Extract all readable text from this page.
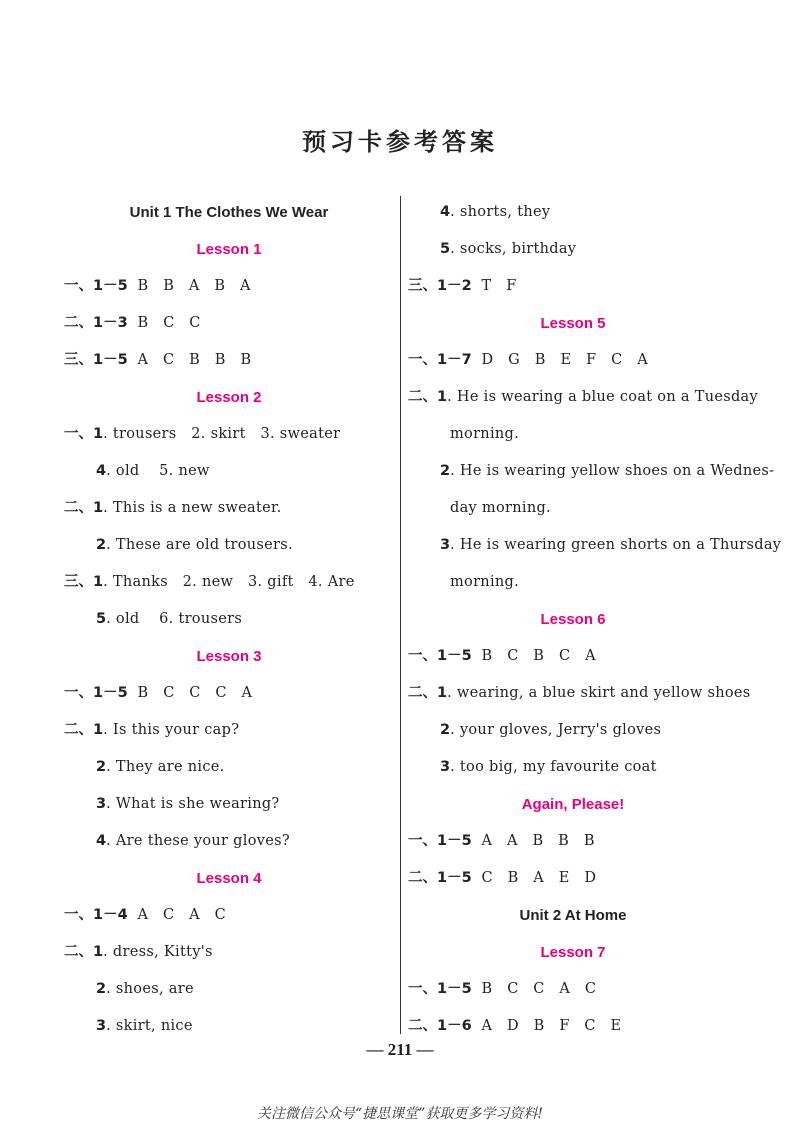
预习卡参考答案
Unit 1 The Clothes We Wear
Lesson 1
一、1－5  B   B   A   B   A
二、1－3  B   C   C
三、1－5  A   C   B   B   B
Lesson 2
一、1. trousers   2. skirt   3. sweater
4. old    5. new
二、1. This is a new sweater.
2. These are old trousers.
三、1. Thanks   2. new   3. gift   4. Are
5. old    6. trousers
Lesson 3
一、1－5  B   C   C   C   A
二、1. Is this your cap?
2. They are nice.
3. What is she wearing?
4. Are these your gloves?
Lesson 4
一、1－4  A   C   A   C
二、1. dress, Kitty's
2. shoes, are
3. skirt, nice
4. shorts, they
5. socks, birthday
三、1－2  T   F
Lesson 5
一、1－7  D   G   B   E   F   C   A
二、1. He is wearing a blue coat on a Tuesday
morning.
2. He is wearing yellow shoes on a Wednes-
day morning.
3. He is wearing green shorts on a Thursday
morning.
Lesson 6
一、1－5  B   C   B   C   A
二、1. wearing, a blue skirt and yellow shoes
2. your gloves, Jerry's gloves
3. too big, my favourite coat
Again, Please!
一、1－5  A   A   B   B   B
二、1－5  C   B   A   E   D
Unit 2 At Home
Lesson 7
一、1－5  B   C   C   A   C
二、1－6  A   D   B   F   C   E
— 211 —
关注微信公众号“捷思课堂”获取更多学习资料!
